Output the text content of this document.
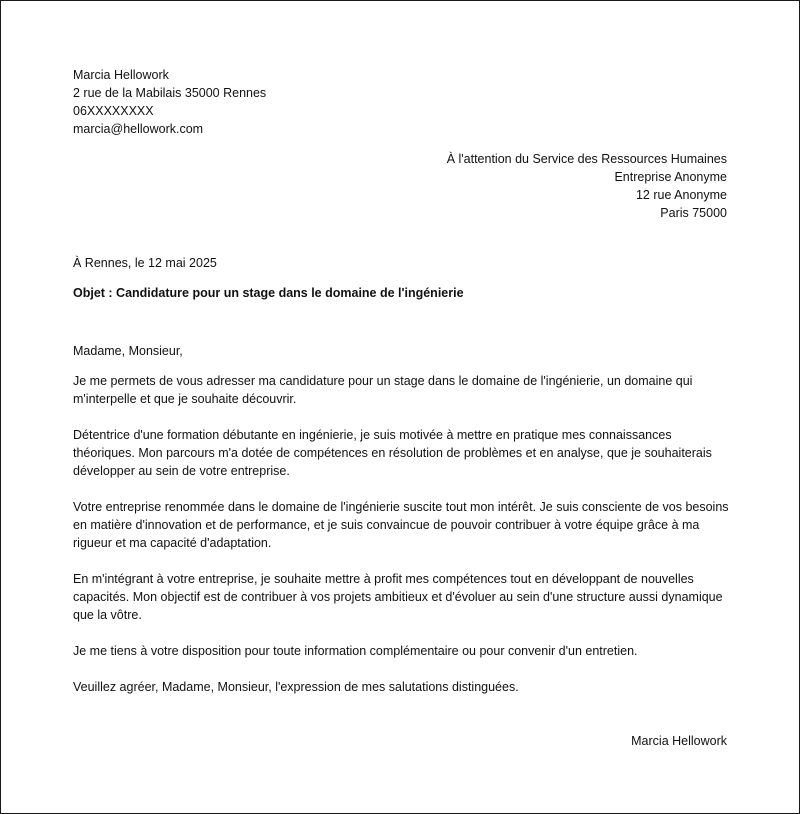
Marcia Hellowork
2 rue de la Mabilais 35000 Rennes
06XXXXXXXX
marcia@hellowork.com
À l'attention du Service des Ressources Humaines
Entreprise Anonyme
12 rue Anonyme
Paris 75000
À Rennes, le 12 mai 2025
Objet : Candidature pour un stage dans le domaine de l'ingénierie
Madame, Monsieur,

Je me permets de vous adresser ma candidature pour un stage dans le domaine de l'ingénierie, un domaine qui m'interpelle et que je souhaite découvrir.

Détentrice d'une formation débutante en ingénierie, je suis motivée à mettre en pratique mes connaissances théoriques. Mon parcours m'a dotée de compétences en résolution de problèmes et en analyse, que je souhaiterais développer au sein de votre entreprise.

Votre entreprise renommée dans le domaine de l'ingénierie suscite tout mon intérêt. Je suis consciente de vos besoins en matière d'innovation et de performance, et je suis convaincue de pouvoir contribuer à votre équipe grâce à ma rigueur et ma capacité d'adaptation.

En m'intégrant à votre entreprise, je souhaite mettre à profit mes compétences tout en développant de nouvelles capacités. Mon objectif est de contribuer à vos projets ambitieux et d'évoluer au sein d'une structure aussi dynamique que la vôtre.

Je me tiens à votre disposition pour toute information complémentaire ou pour convenir d'un entretien.

Veuillez agréer, Madame, Monsieur, l'expression de mes salutations distinguées.

Marcia Hellowork
